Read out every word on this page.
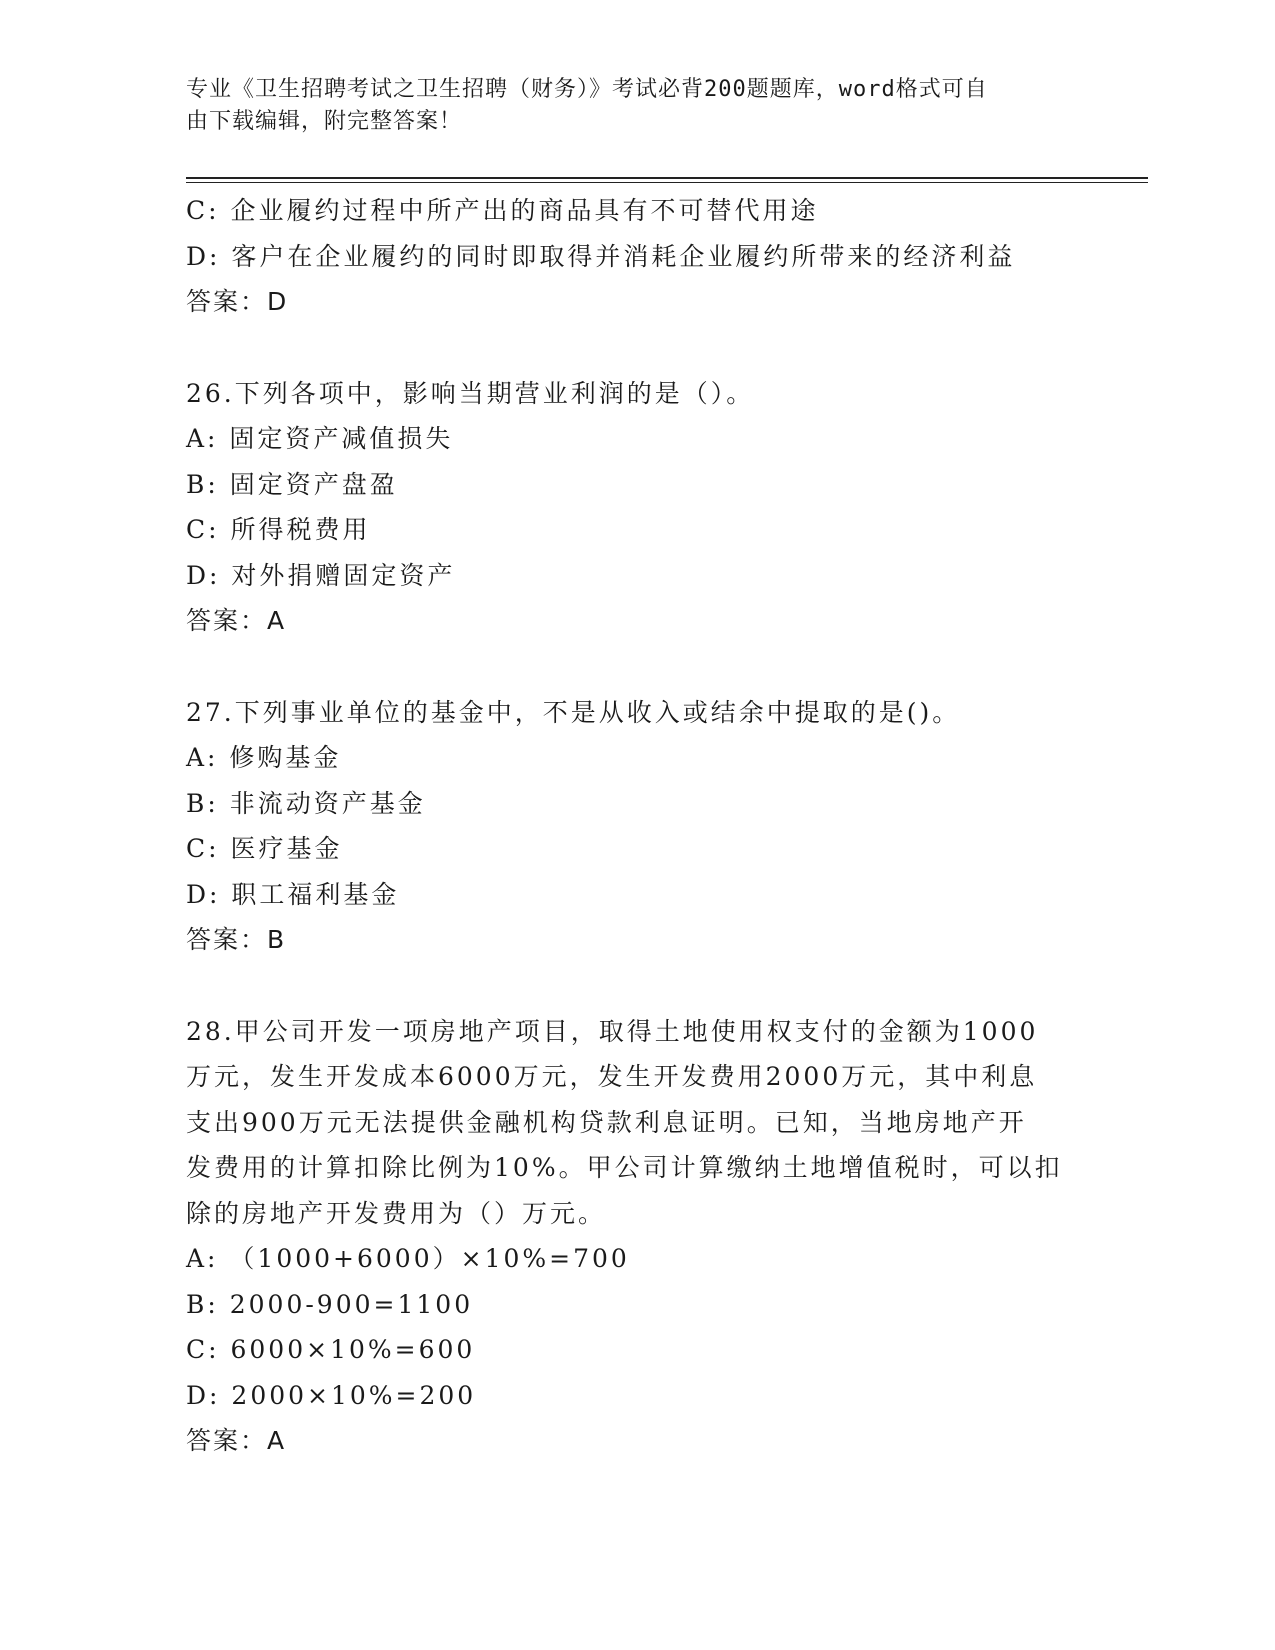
专业《卫生招聘考试之卫生招聘（财务）》考试必背200题题库，word格式可自
由下载编辑，附完整答案！
C: 企业履约过程中所产出的商品具有不可替代用途
D: 客户在企业履约的同时即取得并消耗企业履约所带来的经济利益
答案：D
26.下列各项中，影响当期营业利润的是（）。
A: 固定资产减值损失
B: 固定资产盘盈
C: 所得税费用
D: 对外捐赠固定资产
答案：A
27.下列事业单位的基金中，不是从收入或结余中提取的是()。
A: 修购基金
B: 非流动资产基金
C: 医疗基金
D: 职工福利基金
答案：B
28.甲公司开发一项房地产项目，取得土地使用权支付的金额为1000
万元，发生开发成本6000万元，发生开发费用2000万元，其中利息
支出900万元无法提供金融机构贷款利息证明。已知，当地房地产开
发费用的计算扣除比例为10%。甲公司计算缴纳土地增值税时，可以扣
除的房地产开发费用为（）万元。
A: （1000+6000）×10%=700
B: 2000-900=1100
C: 6000×10%=600
D: 2000×10%=200
答案：A
